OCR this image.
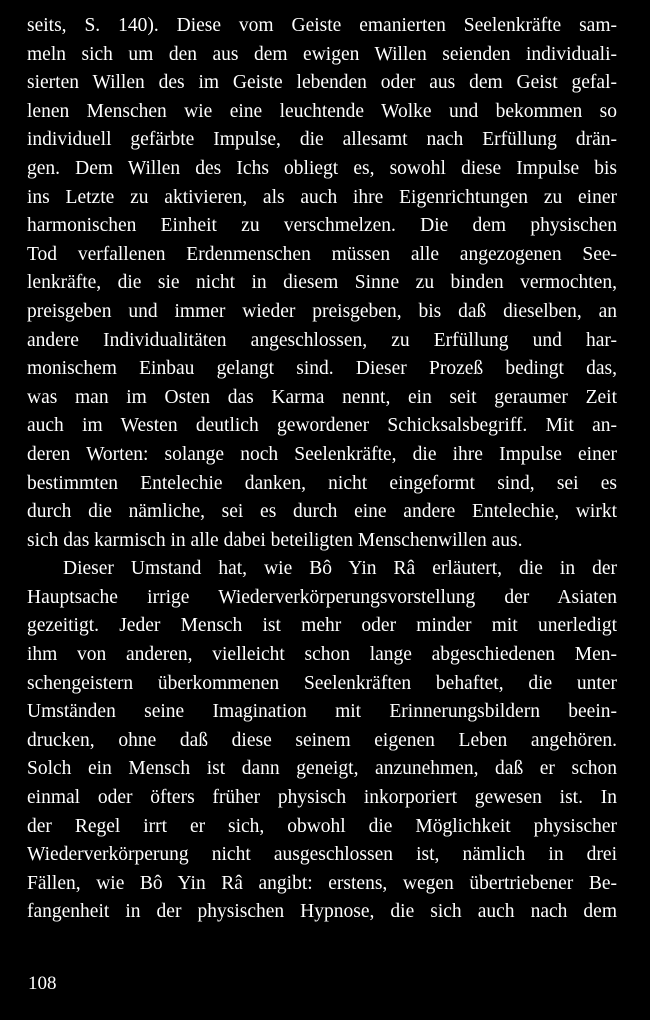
seits, S. 140). Diese vom Geiste emanierten Seelenkräfte sam-
meln sich um den aus dem ewigen Willen seienden individuali-
sierten Willen des im Geiste lebenden oder aus dem Geist gefal-
lenen Menschen wie eine leuchtende Wolke und bekommen so
individuell gefärbte Impulse, die allesamt nach Erfüllung drän-
gen. Dem Willen des Ichs obliegt es, sowohl diese Impulse bis
ins Letzte zu aktivieren, als auch ihre Eigenrichtungen zu einer
harmonischen Einheit zu verschmelzen. Die dem physischen
Tod verfallenen Erdenmenschen müssen alle angezogenen See-
lenkräfte, die sie nicht in diesem Sinne zu binden vermochten,
preisgeben und immer wieder preisgeben, bis daß dieselben, an
andere Individualitäten angeschlossen, zu Erfüllung und har-
monischem Einbau gelangt sind. Dieser Prozeß bedingt das,
was man im Osten das Karma nennt, ein seit geraumer Zeit
auch im Westen deutlich gewordener Schicksalsbegriff. Mit an-
deren Worten: solange noch Seelenkräfte, die ihre Impulse einer
bestimmten Entelechie danken, nicht eingeformt sind, sei es
durch die nämliche, sei es durch eine andere Entelechie, wirkt
sich das karmisch in alle dabei beteiligten Menschenwillen aus.
Dieser Umstand hat, wie Bô Yin Râ erläutert, die in der
Hauptsache irrige Wiederverkörperungsvorstellung der Asiaten
gezeitigt. Jeder Mensch ist mehr oder minder mit unerledigt
ihm von anderen, vielleicht schon lange abgeschiedenen Men-
schengeistern überkommenen Seelenkräften behaftet, die unter
Umständen seine Imagination mit Erinnerungsbildern beein-
drucken, ohne daß diese seinem eigenen Leben angehören.
Solch ein Mensch ist dann geneigt, anzunehmen, daß er schon
einmal oder öfters früher physisch inkorporiert gewesen ist. In
der Regel irrt er sich, obwohl die Möglichkeit physischer
Wiederverkörperung nicht ausgeschlossen ist, nämlich in drei
Fällen, wie Bô Yin Râ angibt: erstens, wegen übertriebener Be-
fangenheit in der physischen Hypnose, die sich auch nach dem
108
